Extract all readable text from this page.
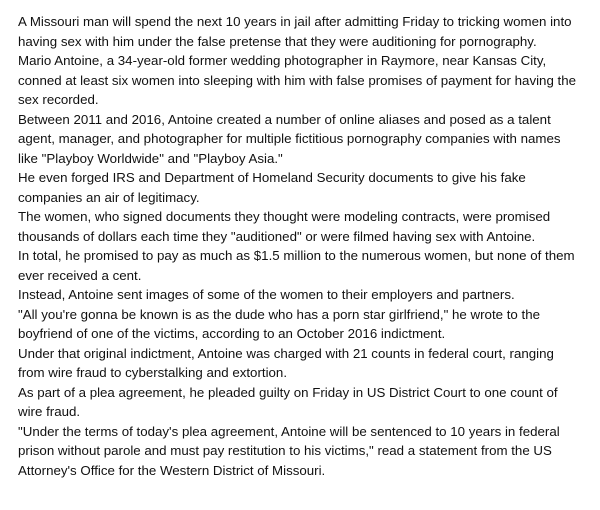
A Missouri man will spend the next 10 years in jail after admitting Friday to tricking women into having sex with him under the false pretense that they were auditioning for pornography.

Mario Antoine, a 34-year-old former wedding photographer in Raymore, near Kansas City, conned at least six women into sleeping with him with false promises of payment for having the sex recorded.

Between 2011 and 2016, Antoine created a number of online aliases and posed as a talent agent, manager, and photographer for multiple fictitious pornography companies with names like "Playboy Worldwide" and "Playboy Asia."

He even forged IRS and Department of Homeland Security documents to give his fake companies an air of legitimacy.

The women, who signed documents they thought were modeling contracts, were promised thousands of dollars each time they "auditioned" or were filmed having sex with Antoine.

In total, he promised to pay as much as $1.5 million to the numerous women, but none of them ever received a cent.

Instead, Antoine sent images of some of the women to their employers and partners.

"All you're gonna be known is as the dude who has a porn star girlfriend," he wrote to the boyfriend of one of the victims, according to an October 2016 indictment.

Under that original indictment, Antoine was charged with 21 counts in federal court, ranging from wire fraud to cyberstalking and extortion.

As part of a plea agreement, he pleaded guilty on Friday in US District Court to one count of wire fraud.

"Under the terms of today's plea agreement, Antoine will be sentenced to 10 years in federal prison without parole and must pay restitution to his victims," read a statement from the US Attorney's Office for the Western District of Missouri.
